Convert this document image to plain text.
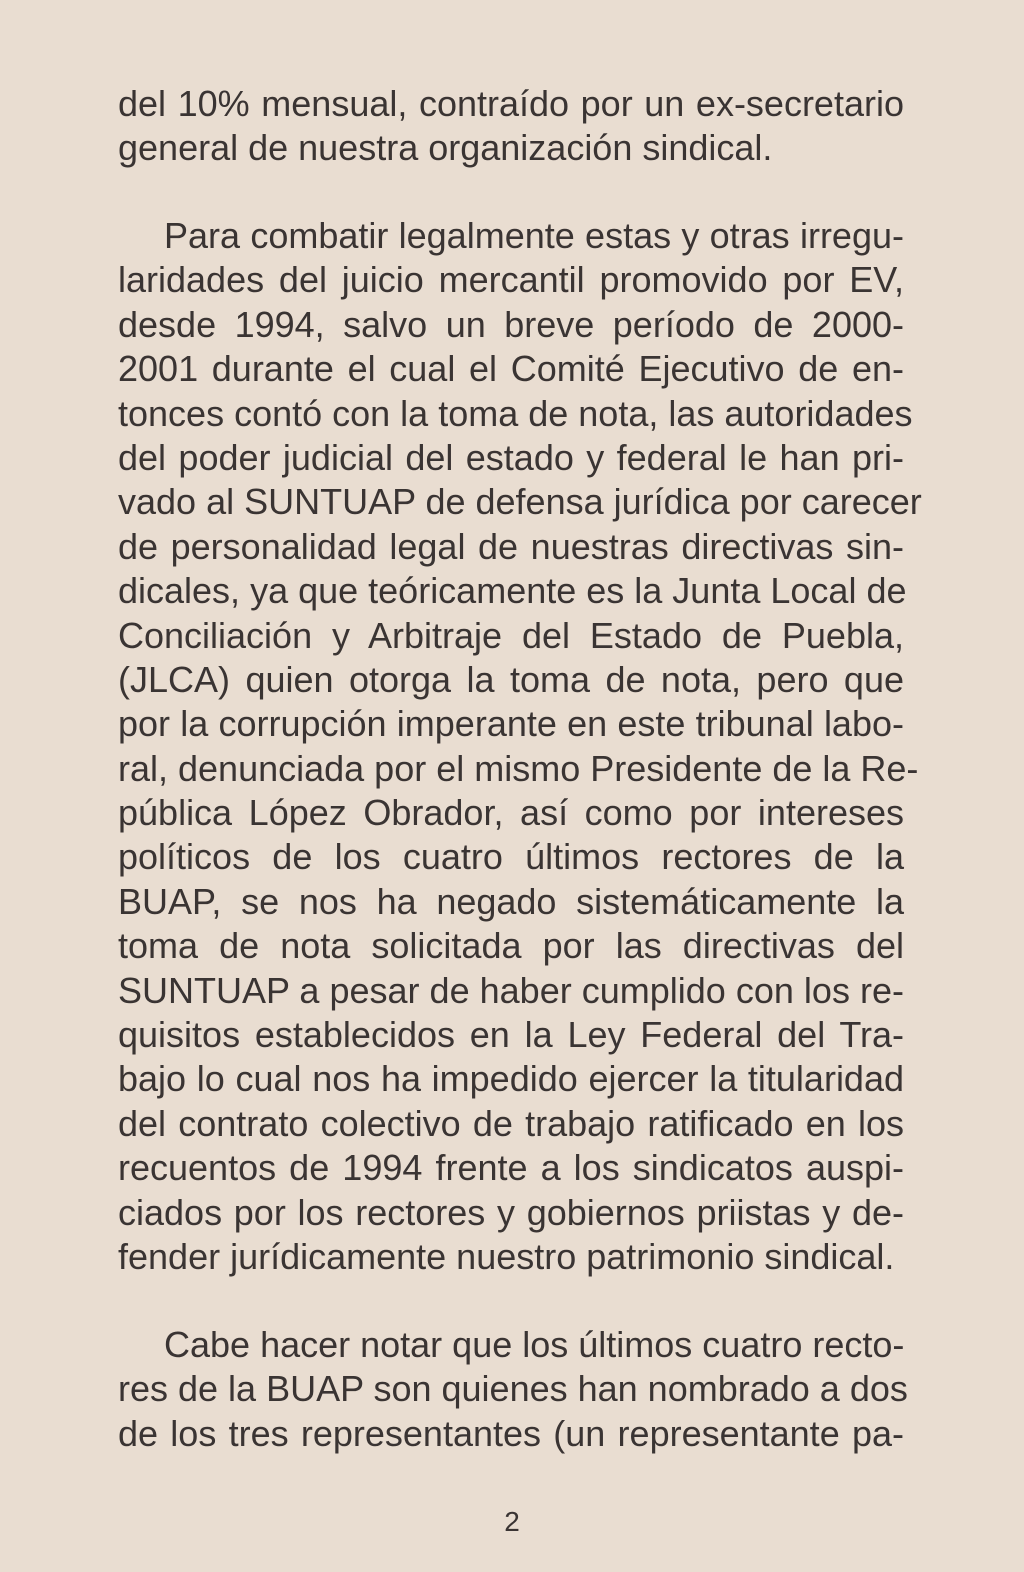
del 10% mensual, contraído por un ex-secretario
general de nuestra organización sindical.
Para combatir legalmente estas y otras irregu-
laridades del juicio mercantil promovido por EV,
desde 1994, salvo un breve período de 2000-
2001 durante el cual el Comité Ejecutivo de en-
tonces contó con la toma de nota, las autoridades
del poder judicial del estado y federal le han pri-
vado al SUNTUAP de defensa jurídica por carecer
de personalidad legal de nuestras directivas sin-
dicales, ya que teóricamente es la Junta Local de
Conciliación y Arbitraje del Estado de Puebla,
(JLCA) quien otorga la toma de nota, pero que
por la corrupción imperante en este tribunal labo-
ral, denunciada por el mismo Presidente de la Re-
pública López Obrador, así como por intereses
políticos de los cuatro últimos rectores de la
BUAP, se nos ha negado sistemáticamente la
toma de nota solicitada por las directivas del
SUNTUAP a pesar de haber cumplido con los re-
quisitos establecidos en la Ley Federal del Tra-
bajo lo cual nos ha impedido ejercer la titularidad
del contrato colectivo de trabajo ratificado en los
recuentos de 1994 frente a los sindicatos auspi-
ciados por los rectores y gobiernos priistas y de-
fender jurídicamente nuestro patrimonio sindical.
Cabe hacer notar que los últimos cuatro recto-
res de la BUAP son quienes han nombrado a dos
de los tres representantes (un representante pa-
2
